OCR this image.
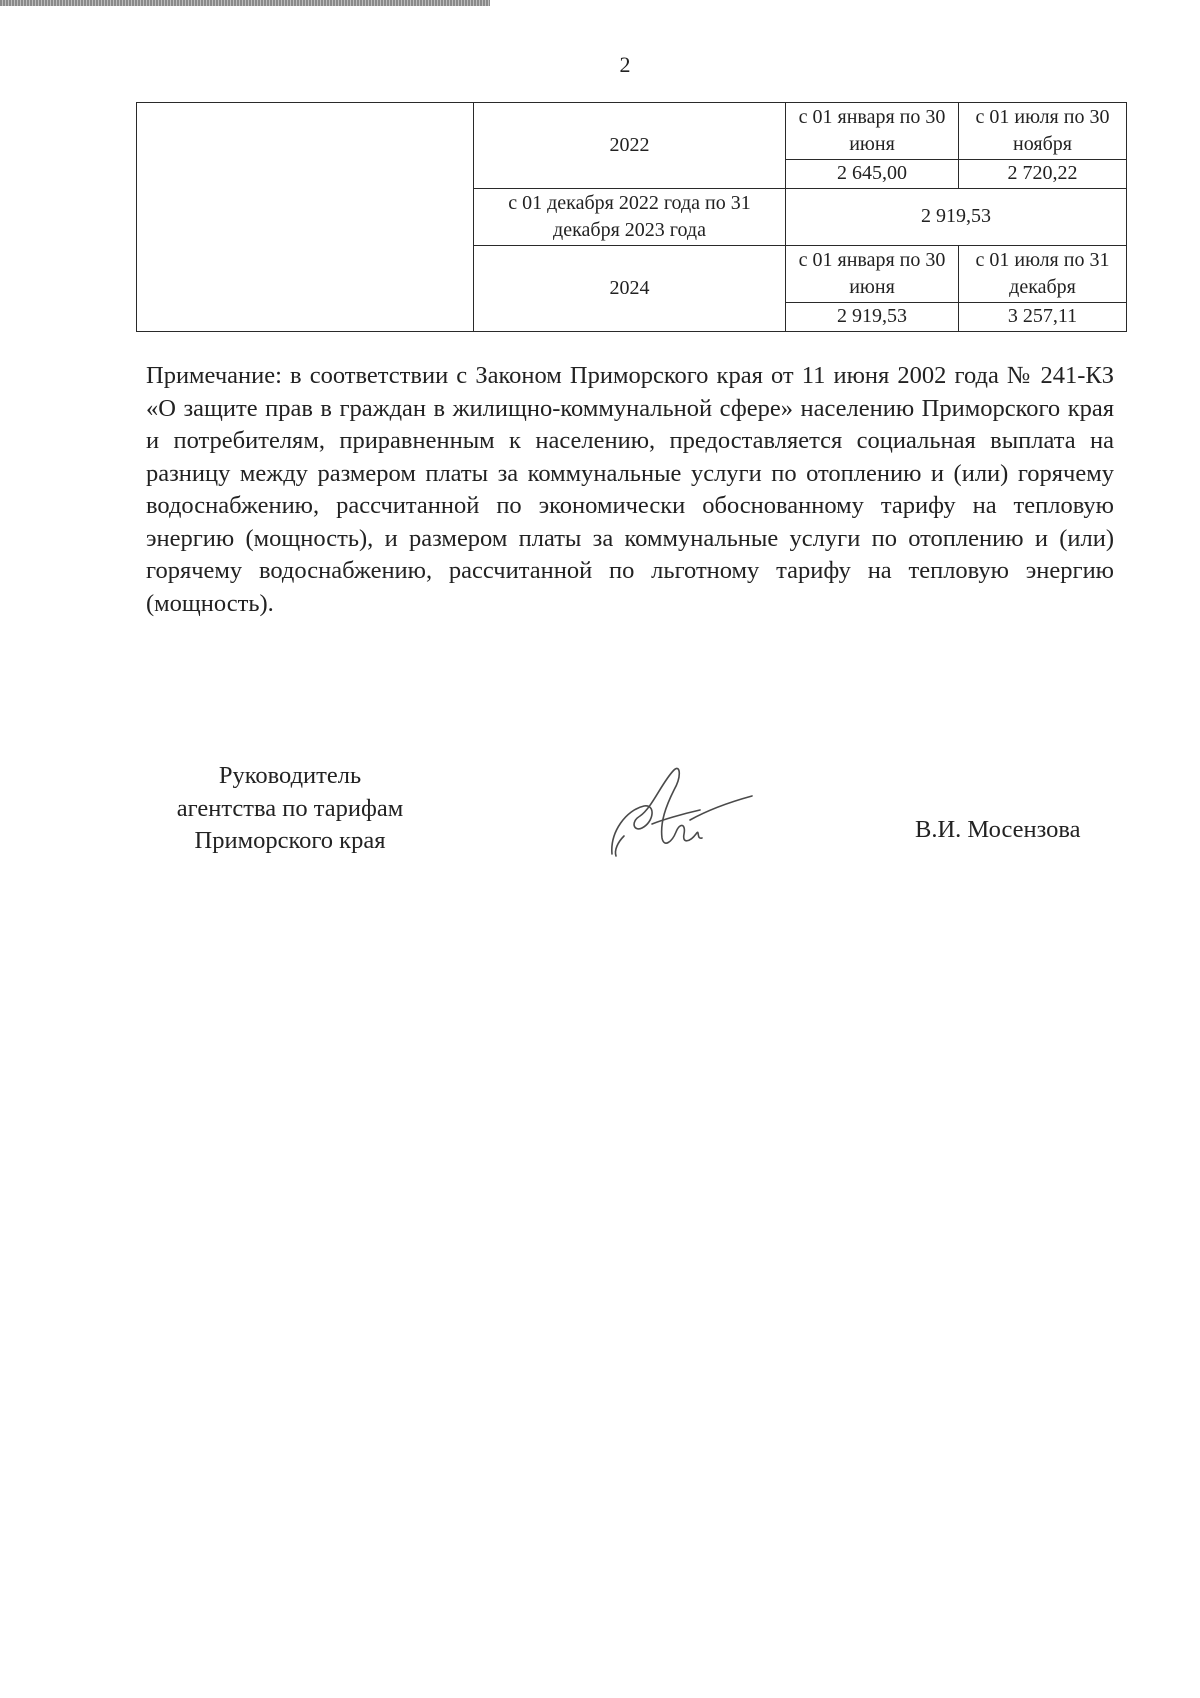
2
	2022	с 01 января по 30 июня	с 01 июля по 30 ноября
		2 645,00	2 720,22
	с 01 декабря 2022 года по 31 декабря 2023 года	2 919,53	
	2024	с 01 января по 30 июня	с 01 июля по 31 декабря
		2 919,53	3 257,11

Примечание: в соответствии с Законом Приморского края от 11 июня 2002 года № 241-КЗ «О защите прав в граждан в жилищно-коммунальной сфере» населению Приморского края и потребителям, приравненным к населению, предоставляется социальная выплата на разницу между размером платы за коммунальные услуги по отоплению и (или) горячему водоснабжению, рассчитанной по экономически обоснованному тарифу на тепловую энергию (мощность), и размером платы за коммунальные услуги по отоплению и (или) горячему водоснабжению, рассчитанной по льготному тарифу на тепловую энергию (мощность).

Руководитель
агентства по тарифам
Приморского края	В.И. Мосензова
